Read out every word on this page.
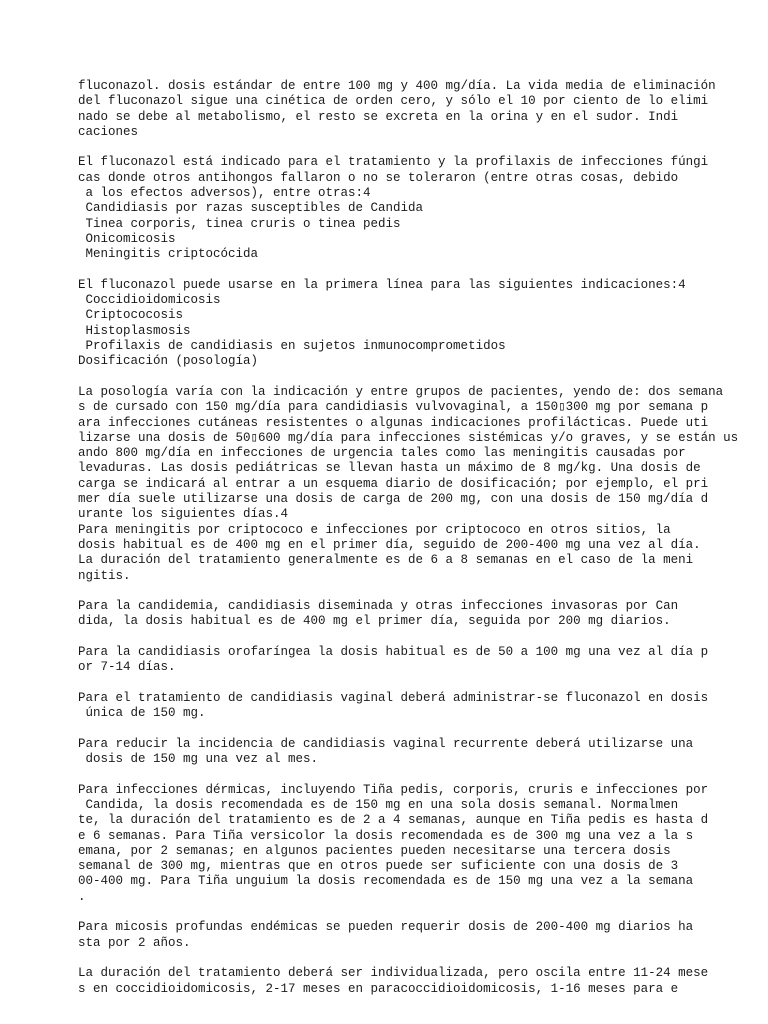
fluconazol. dosis estándar de entre 100 mg y 400 mg/día. La vida media de eliminación
del fluconazol sigue una cinética de orden cero, y sólo el 10 por ciento de lo elimi
nado se debe al metabolismo, el resto se excreta en la orina y en el sudor. Indi
caciones
El fluconazol está indicado para el tratamiento y la profilaxis de infecciones fúngi
cas donde otros antihongos fallaron o no se toleraron (entre otras cosas, debido
a los efectos adversos), entre otras:4
Candidiasis por razas susceptibles de Candida
Tinea corporis, tinea cruris o tinea pedis
Onicomicosis
Meningitis criptocócida
El fluconazol puede usarse en la primera línea para las siguientes indicaciones:4
Coccidioidomicosis
Criptococosis
Histoplasmosis
Profilaxis de candidiasis en sujetos inmunocomprometidos
Dosificación (posología)
La posología varía con la indicación y entre grupos de pacientes, yendo de: dos semana
s de cursado con 150 mg/día para candidiasis vulvovaginal, a 150▯300 mg por semana p
ara infecciones cutáneas resistentes o algunas indicaciones profilácticas. Puede uti
lizarse una dosis de 50▯600 mg/día para infecciones sistémicas y/o graves, y se están us
ando 800 mg/día en infecciones de urgencia tales como las meningitis causadas por
levaduras. Las dosis pediátricas se llevan hasta un máximo de 8 mg/kg. Una dosis de
carga se indicará al entrar a un esquema diario de dosificación; por ejemplo, el pri
mer día suele utilizarse una dosis de carga de 200 mg, con una dosis de 150 mg/día d
urante los siguientes días.4
Para meningitis por criptococo e infecciones por criptococo en otros sitios, la
dosis habitual es de 400 mg en el primer día, seguido de 200-400 mg una vez al día.
La duración del tratamiento generalmente es de 6 a 8 semanas en el caso de la meni
ngitis.
Para la candidemia, candidiasis diseminada y otras infecciones invasoras por Can
dida, la dosis habitual es de 400 mg el primer día, seguida por 200 mg diarios.
Para la candidiasis orofaríngea la dosis habitual es de 50 a 100 mg una vez al día p
or 7-14 días.
Para el tratamiento de candidiasis vaginal deberá administrar-se fluconazol en dosis
única de 150 mg.
Para reducir la incidencia de candidiasis vaginal recurrente deberá utilizarse una
dosis de 150 mg una vez al mes.
Para infecciones dérmicas, incluyendo Tiña pedis, corporis, cruris e infecciones por
Candida, la dosis recomendada es de 150 mg en una sola dosis semanal. Normalmen
te, la duración del tratamiento es de 2 a 4 semanas, aunque en Tiña pedis es hasta d
e 6 semanas. Para Tiña versicolor la dosis recomendada es de 300 mg una vez a la s
emana, por 2 semanas; en algunos pacientes pueden necesitarse una tercera dosis
semanal de 300 mg, mientras que en otros puede ser suficiente con una dosis de 3
00-400 mg. Para Tiña unguium la dosis recomendada es de 150 mg una vez a la semana
.
Para micosis profundas endémicas se pueden requerir dosis de 200-400 mg diarios ha
sta por 2 años.
La duración del tratamiento deberá ser individualizada, pero oscila entre 11-24 mese
s en coccidioidomicosis, 2-17 meses en paracoccidioidomicosis, 1-16 meses para e
